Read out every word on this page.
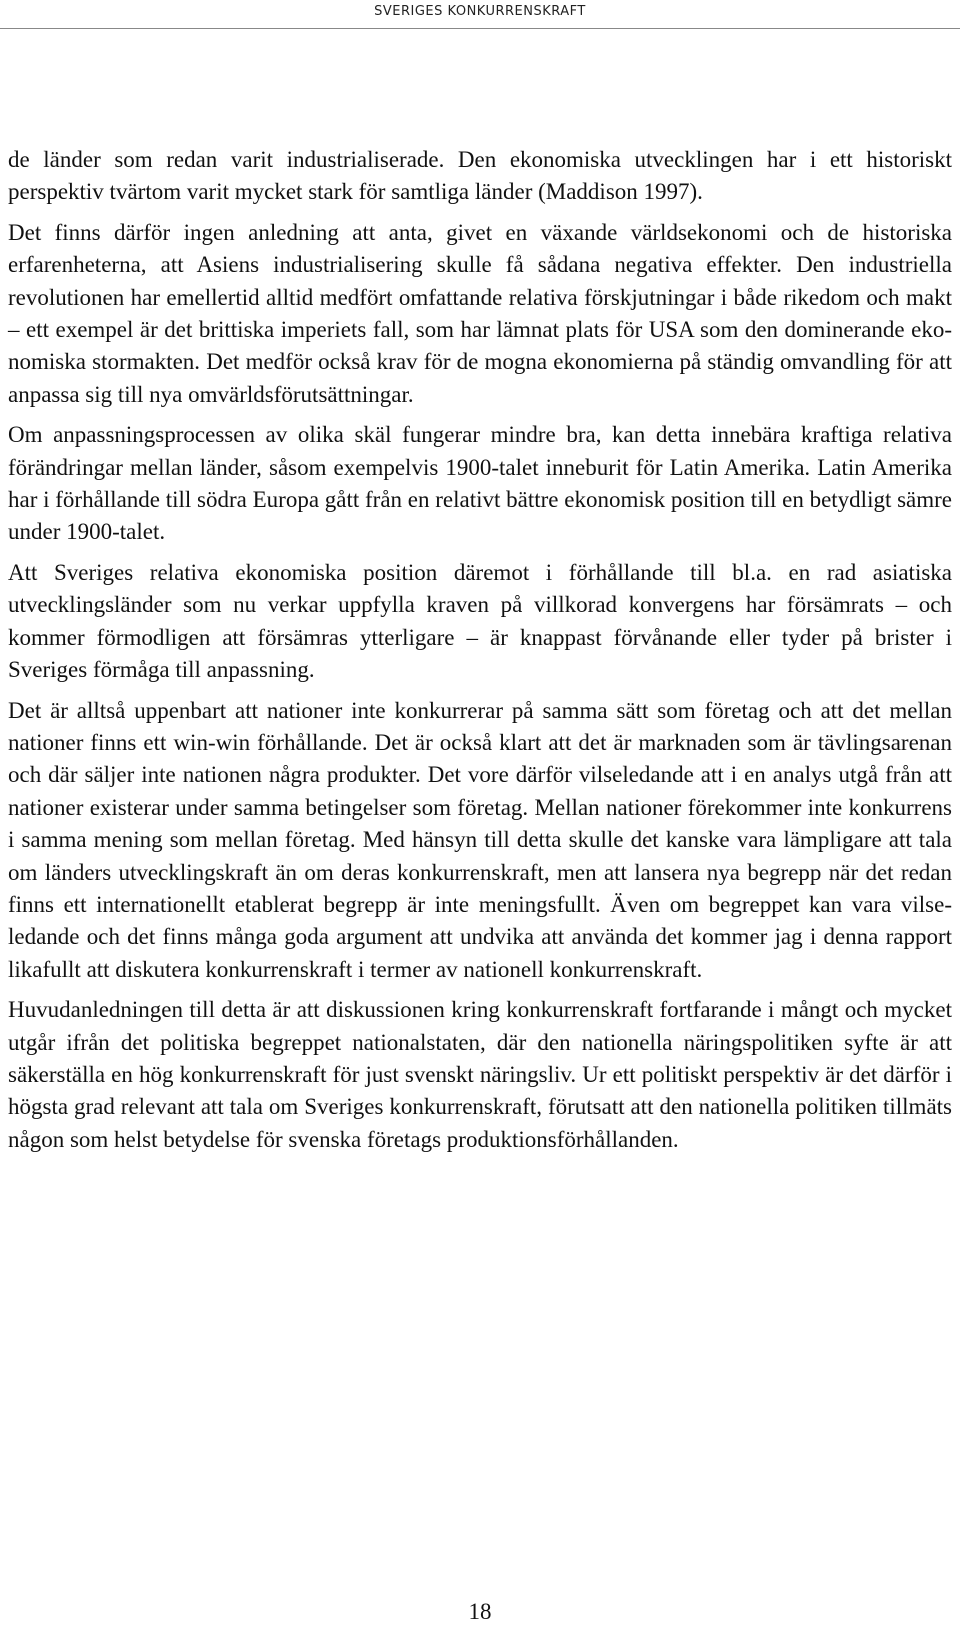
SVERIGES KONKURRENSKRAFT

de länder som redan varit industrialiserade. Den ekonomiska utvecklingen har i ett historiskt perspektiv tvärtom varit mycket stark för samtliga länder (Maddison 1997).

Det finns därför ingen anledning att anta, givet en växande världsekonomi och de historiska erfarenheterna, att Asiens industrialisering skulle få sådana negativa effekter. Den industriella revolutionen har emellertid alltid medfört omfattande relativa förskjutningar i både rikedom och makt – ett exempel är det brittiska imperiets fall, som har lämnat plats för USA som den dominerande ekonomiska stormakten. Det medför också krav för de mogna ekonomierna på ständig omvandling för att anpassa sig till nya omvärldsförutsättningar.

Om anpassningsprocessen av olika skäl fungerar mindre bra, kan detta innebära kraftiga relativa förändringar mellan länder, såsom exempelvis 1900-talet inneburit för Latin Amerika. Latin Amerika har i förhållande till södra Europa gått från en relativt bättre ekonomisk position till en betydligt sämre under 1900-talet.

Att Sveriges relativa ekonomiska position däremot i förhållande till bl.a. en rad asiatiska utvecklingsländer som nu verkar uppfylla kraven på villkorad konvergens har försämrats – och kommer förmodligen att försämras ytterligare – är knappast förvånande eller tyder på brister i Sveriges förmåga till anpassning.

Det är alltså uppenbart att nationer inte konkurrerar på samma sätt som företag och att det mellan nationer finns ett win-win förhållande. Det är också klart att det är marknaden som är tävlingsarenan och där säljer inte nationen några produkter. Det vore därför vilseledande att i en analys utgå från att nationer existerar under samma betingelser som företag. Mellan nationer förekommer inte konkurrens i samma mening som mellan företag. Med hänsyn till detta skulle det kanske vara lämpligare att tala om länders utvecklingskraft än om deras konkurrenskraft, men att lansera nya begrepp när det redan finns ett internationellt etablerat begrepp är inte meningsfullt. Även om begreppet kan vara vilseledande och det finns många goda argument att undvika att använda det kommer jag i denna rapport likafullt att diskutera konkurrenskraft i termer av nationell konkurrenskraft.

Huvudanledningen till detta är att diskussionen kring konkurrenskraft fortfarande i mångt och mycket utgår ifrån det politiska begreppet nationalstaten, där den nationella näringspolitiken syfte är att säkerställa en hög konkurrenskraft för just svenskt näringsliv. Ur ett politiskt perspektiv är det därför i högsta grad relevant att tala om Sveriges konkurrenskraft, förutsatt att den nationella politiken tillmäts någon som helst betydelse för svenska företags produktionsförhållanden.

18
